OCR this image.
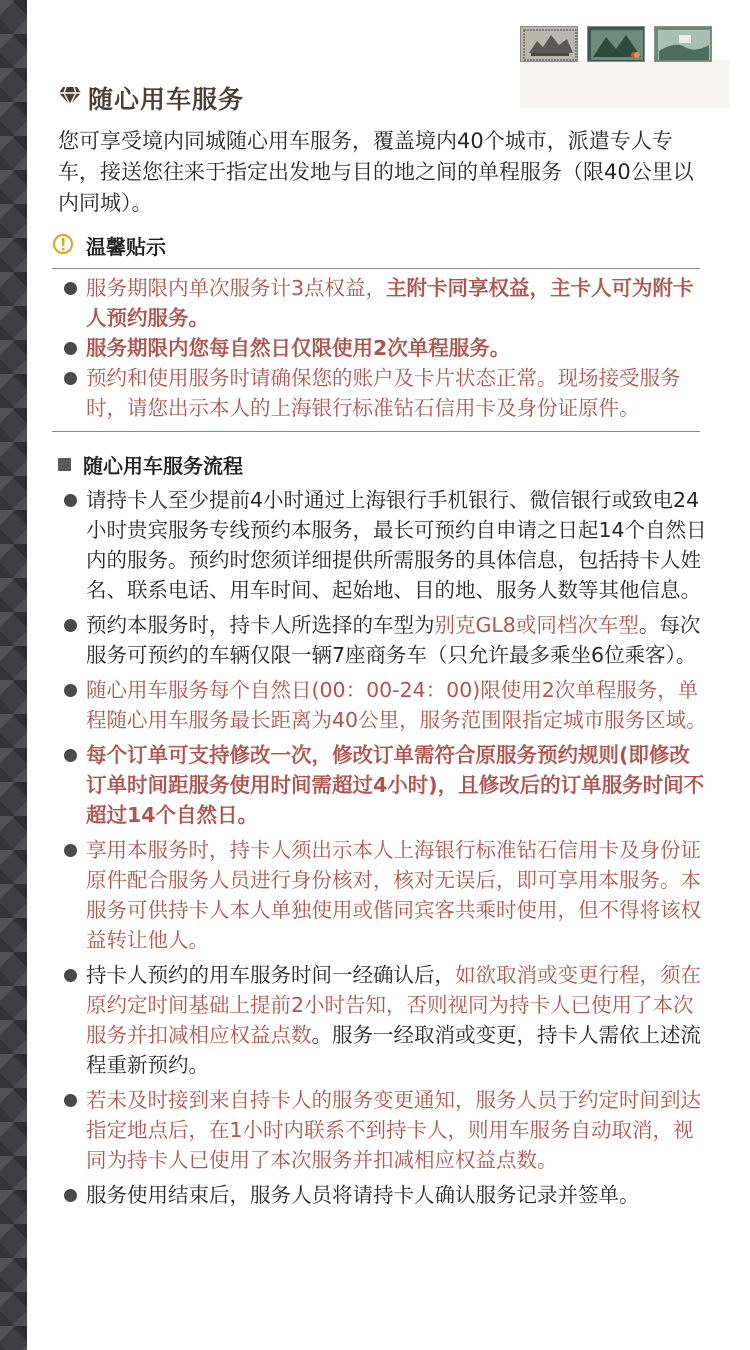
随心用车服务
您可享受境内同城随心用车服务，覆盖境内40个城市，派遣专人专车，接送您往来于指定出发地与目的地之间的单程服务（限40公里以内同城）。
温馨贴示
服务期限内单次服务计3点权益，主附卡同享权益，主卡人可为附卡人预约服务。
服务期限内您每自然日仅限使用2次单程服务。
预约和使用服务时请确保您的账户及卡片状态正常。现场接受服务时，请您出示本人的上海银行标准钻石信用卡及身份证原件。
随心用车服务流程
请持卡人至少提前4小时通过上海银行手机银行、微信银行或致电24小时贵宾服务专线预约本服务，最长可预约自申请之日起14个自然日内的服务。预约时您须详细提供所需服务的具体信息，包括持卡人姓名、联系电话、用车时间、起始地、目的地、服务人数等其他信息。
预约本服务时，持卡人所选择的车型为别克GL8或同档次车型。每次服务可预约的车辆仅限一辆7座商务车（只允许最多乘坐6位乘客）。
随心用车服务每个自然日(00：00-24：00)限使用2次单程服务，单程随心用车服务最长距离为40公里，服务范围限指定城市服务区域。
每个订单可支持修改一次，修改订单需符合原服务预约规则(即修改订单时间距服务使用时间需超过4小时)，且修改后的订单服务时间不超过14个自然日。
享用本服务时，持卡人须出示本人上海银行标准钻石信用卡及身份证原件配合服务人员进行身份核对，核对无误后，即可享用本服务。本服务可供持卡人本人单独使用或偕同宾客共乘时使用，但不得将该权益转让他人。
持卡人预约的用车服务时间一经确认后，如欲取消或变更行程，须在原约定时间基础上提前2小时告知，否则视同为持卡人已使用了本次服务并扣减相应权益点数。服务一经取消或变更，持卡人需依上述流程重新预约。
若未及时接到来自持卡人的服务变更通知，服务人员于约定时间到达指定地点后，在1小时内联系不到持卡人，则用车服务自动取消，视同为持卡人已使用了本次服务并扣减相应权益点数。
服务使用结束后，服务人员将请持卡人确认服务记录并签单。
